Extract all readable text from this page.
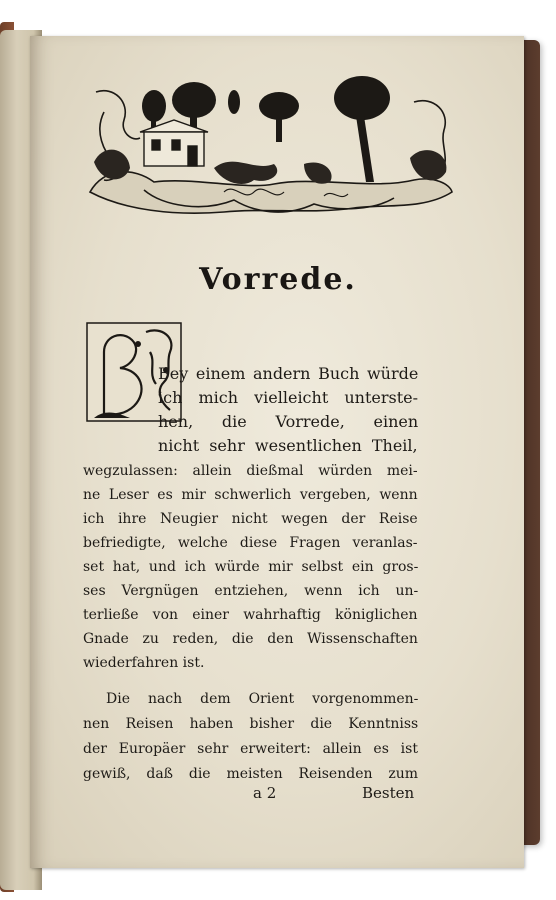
Vorrede.
Bey einem andern Buch würde
ich mich vielleicht unterste-
hen, die Vorrede, einen
nicht sehr wesentlichen Theil,
wegzulassen: allein dießmal würden mei-
ne Leser es mir schwerlich vergeben, wenn
ich ihre Neugier nicht wegen der Reise
befriedigte, welche diese Fragen veranlas-
set hat, und ich würde mir selbst ein gros-
ses Vergnügen entziehen, wenn ich un-
terließe von einer wahrhaftig königlichen
Gnade zu reden, die den Wissenschaften
wiederfahren ist.
Die nach dem Orient vorgenommen-
nen Reisen haben bisher die Kenntniss
der Europäer sehr erweitert: allein es ist
gewiß, daß die meisten Reisenden zum
a 2	Besten
